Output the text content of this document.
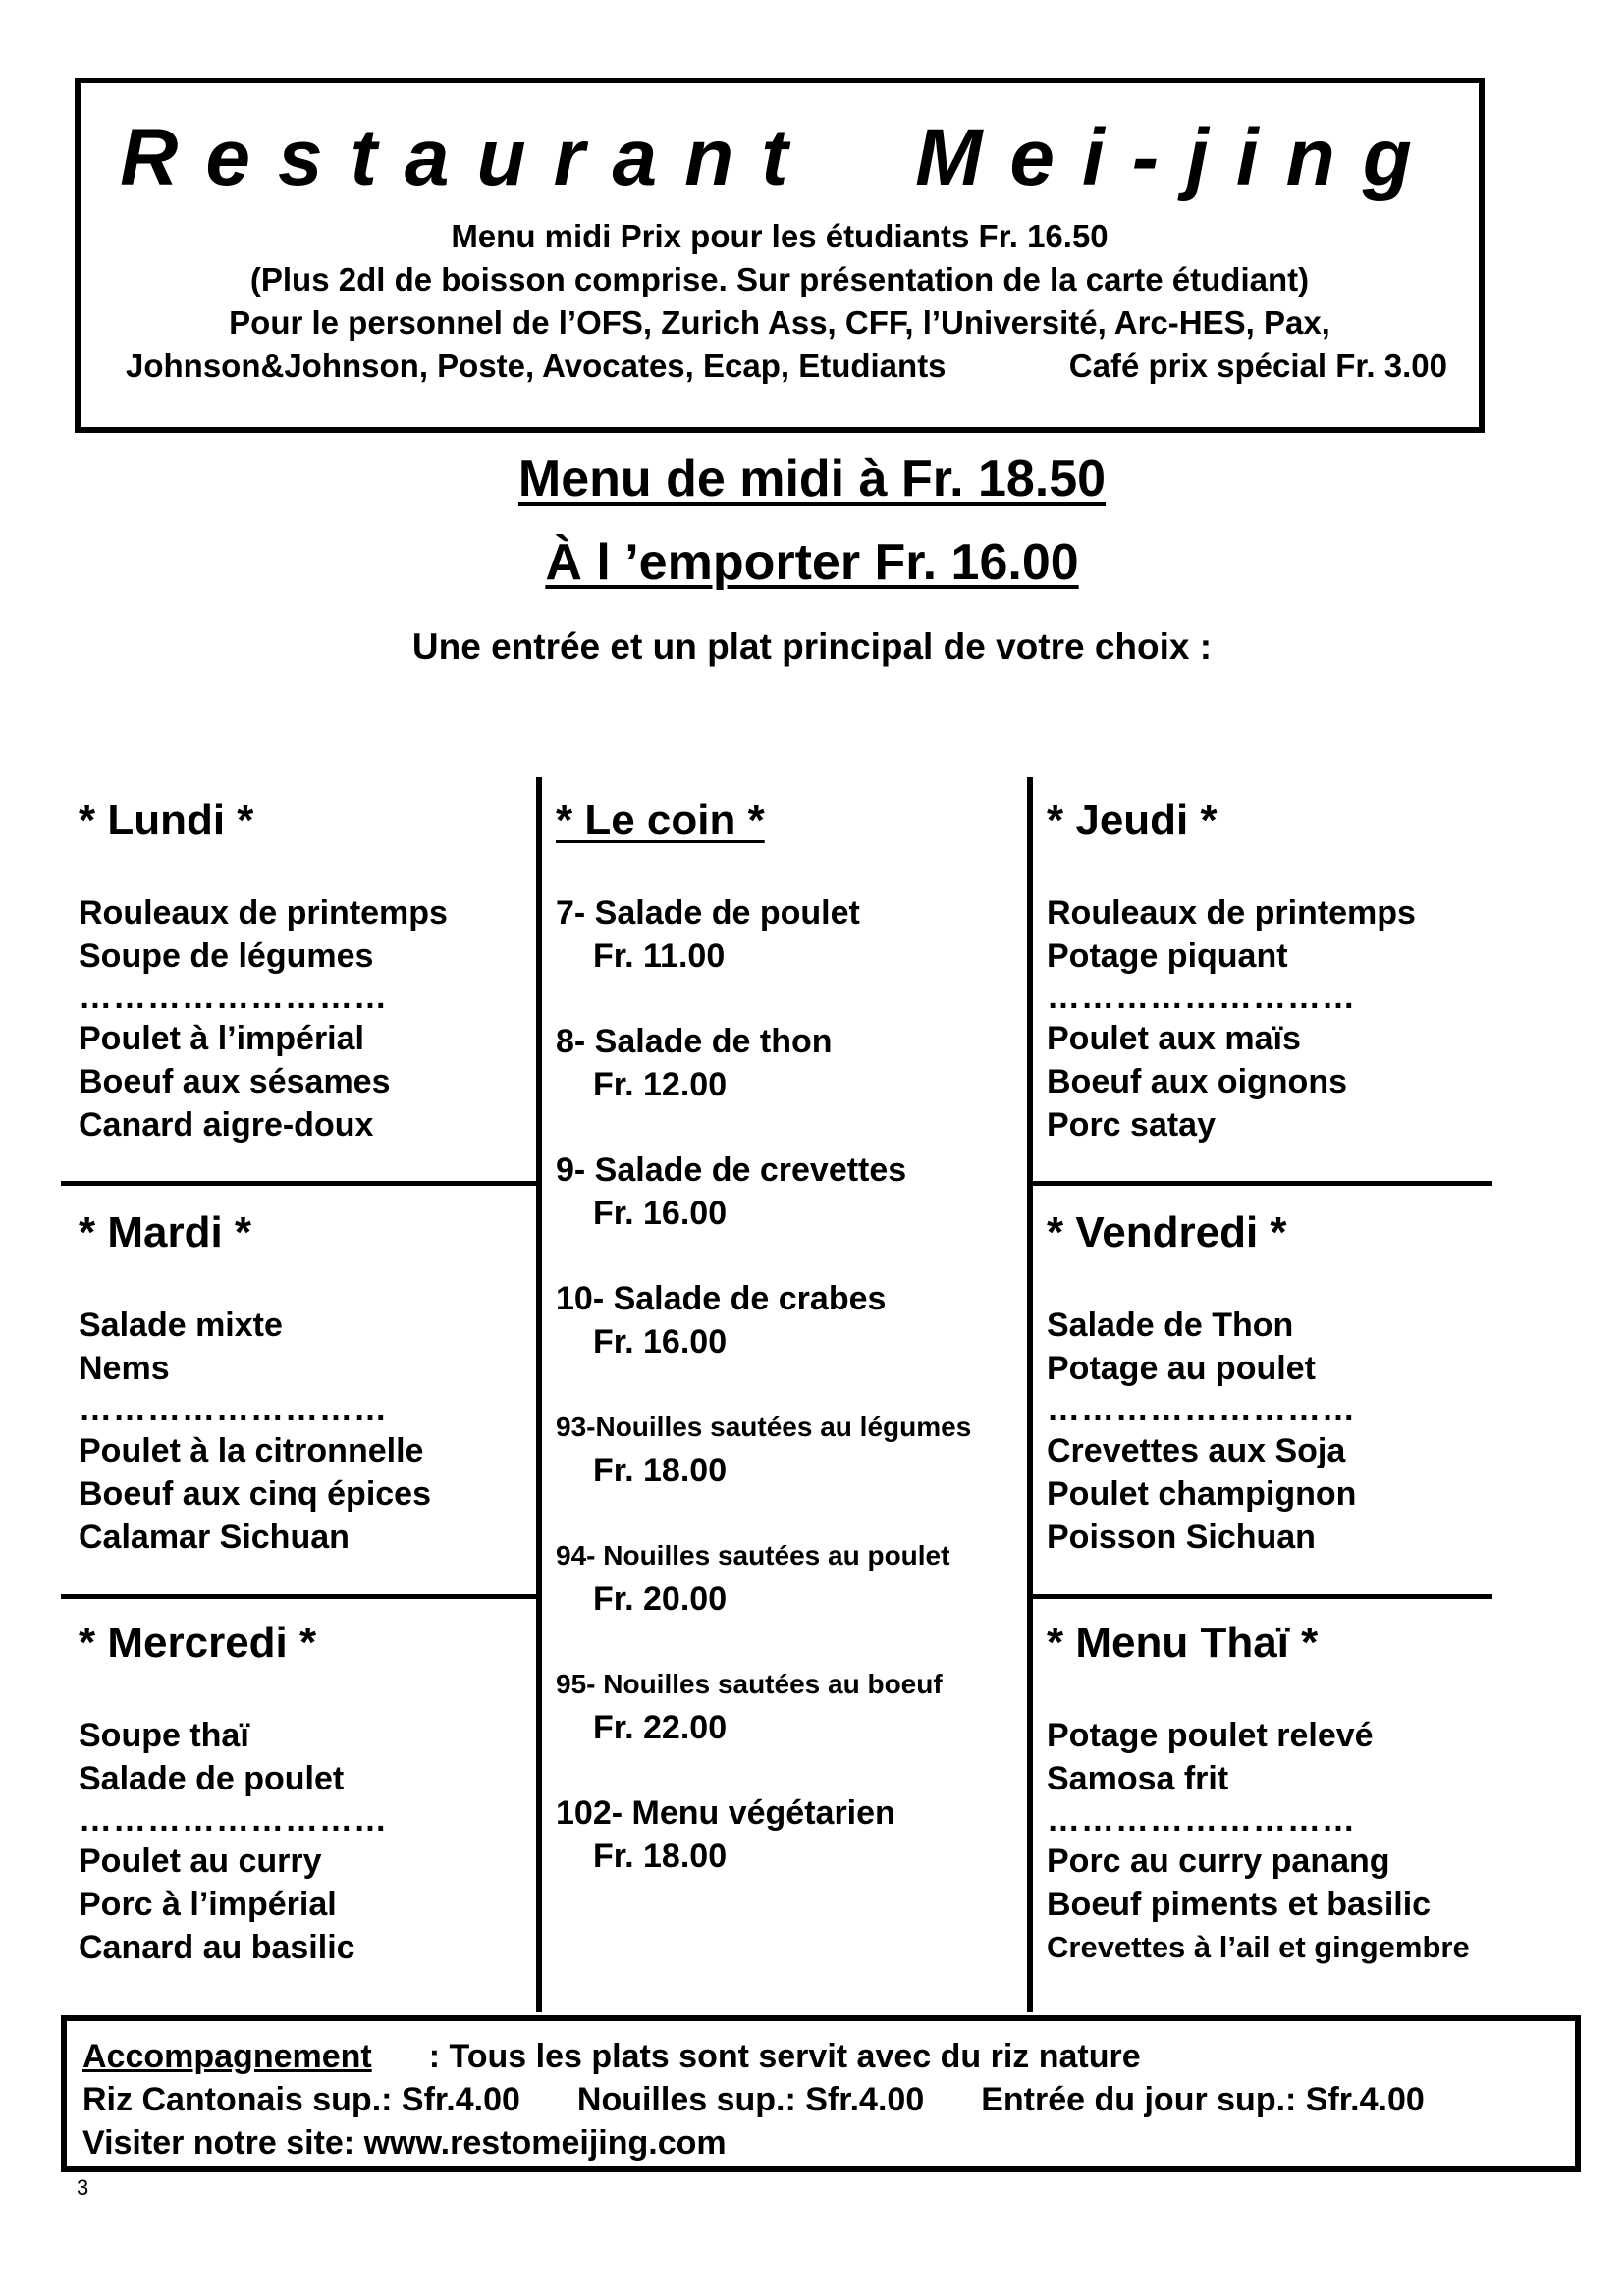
Restaurant  Mei-jing
Menu midi Prix pour les étudiants Fr. 16.50
(Plus 2dl de boisson comprise. Sur présentation de la carte étudiant)
Pour le personnel de l’OFS, Zurich Ass, CFF, l’Université, Arc-HES, Pax,
Johnson&Johnson, Poste, Avocates, Ecap, Etudiants	Café prix spécial Fr. 3.00
Menu de midi à Fr. 18.50
À l ’emporter Fr. 16.00
Une entrée et un plat principal de votre choix :
* Lundi *
Rouleaux de printemps
Soupe de légumes
………………………
Poulet à l’impérial
Boeuf aux sésames
Canard aigre-doux
* Mardi *
Salade mixte
Nems
………………………
Poulet à la citronnelle
Boeuf aux cinq épices
Calamar Sichuan
* Mercredi *
Soupe thaï
Salade de poulet
………………………
Poulet au curry
Porc à l’impérial
Canard au basilic
* Le coin *
7- Salade de poulet
Fr. 11.00
8- Salade de thon
Fr. 12.00
9- Salade de crevettes
Fr. 16.00
10- Salade de crabes
Fr. 16.00
93-Nouilles sautées au légumes
Fr. 18.00
94- Nouilles sautées au poulet
Fr. 20.00
95- Nouilles sautées au boeuf
Fr. 22.00
102- Menu végétarien
Fr. 18.00
* Jeudi *
Rouleaux de printemps
Potage piquant
………………………
Poulet aux maïs
Boeuf aux oignons
Porc satay
* Vendredi *
Salade de Thon
Potage au poulet
………………………
Crevettes aux Soja
Poulet champignon
Poisson Sichuan
* Menu Thaï *
Potage poulet relevé
Samosa frit
………………………
Porc au curry panang
Boeuf piments et basilic
Crevettes à l’ail et gingembre
Accompagnement : Tous les plats sont servit avec du riz nature
Riz Cantonais sup.: Sfr.4.00 Nouilles sup.: Sfr.4.00 Entrée du jour sup.: Sfr.4.00
Visiter notre site: www.restomeijing.com
3
